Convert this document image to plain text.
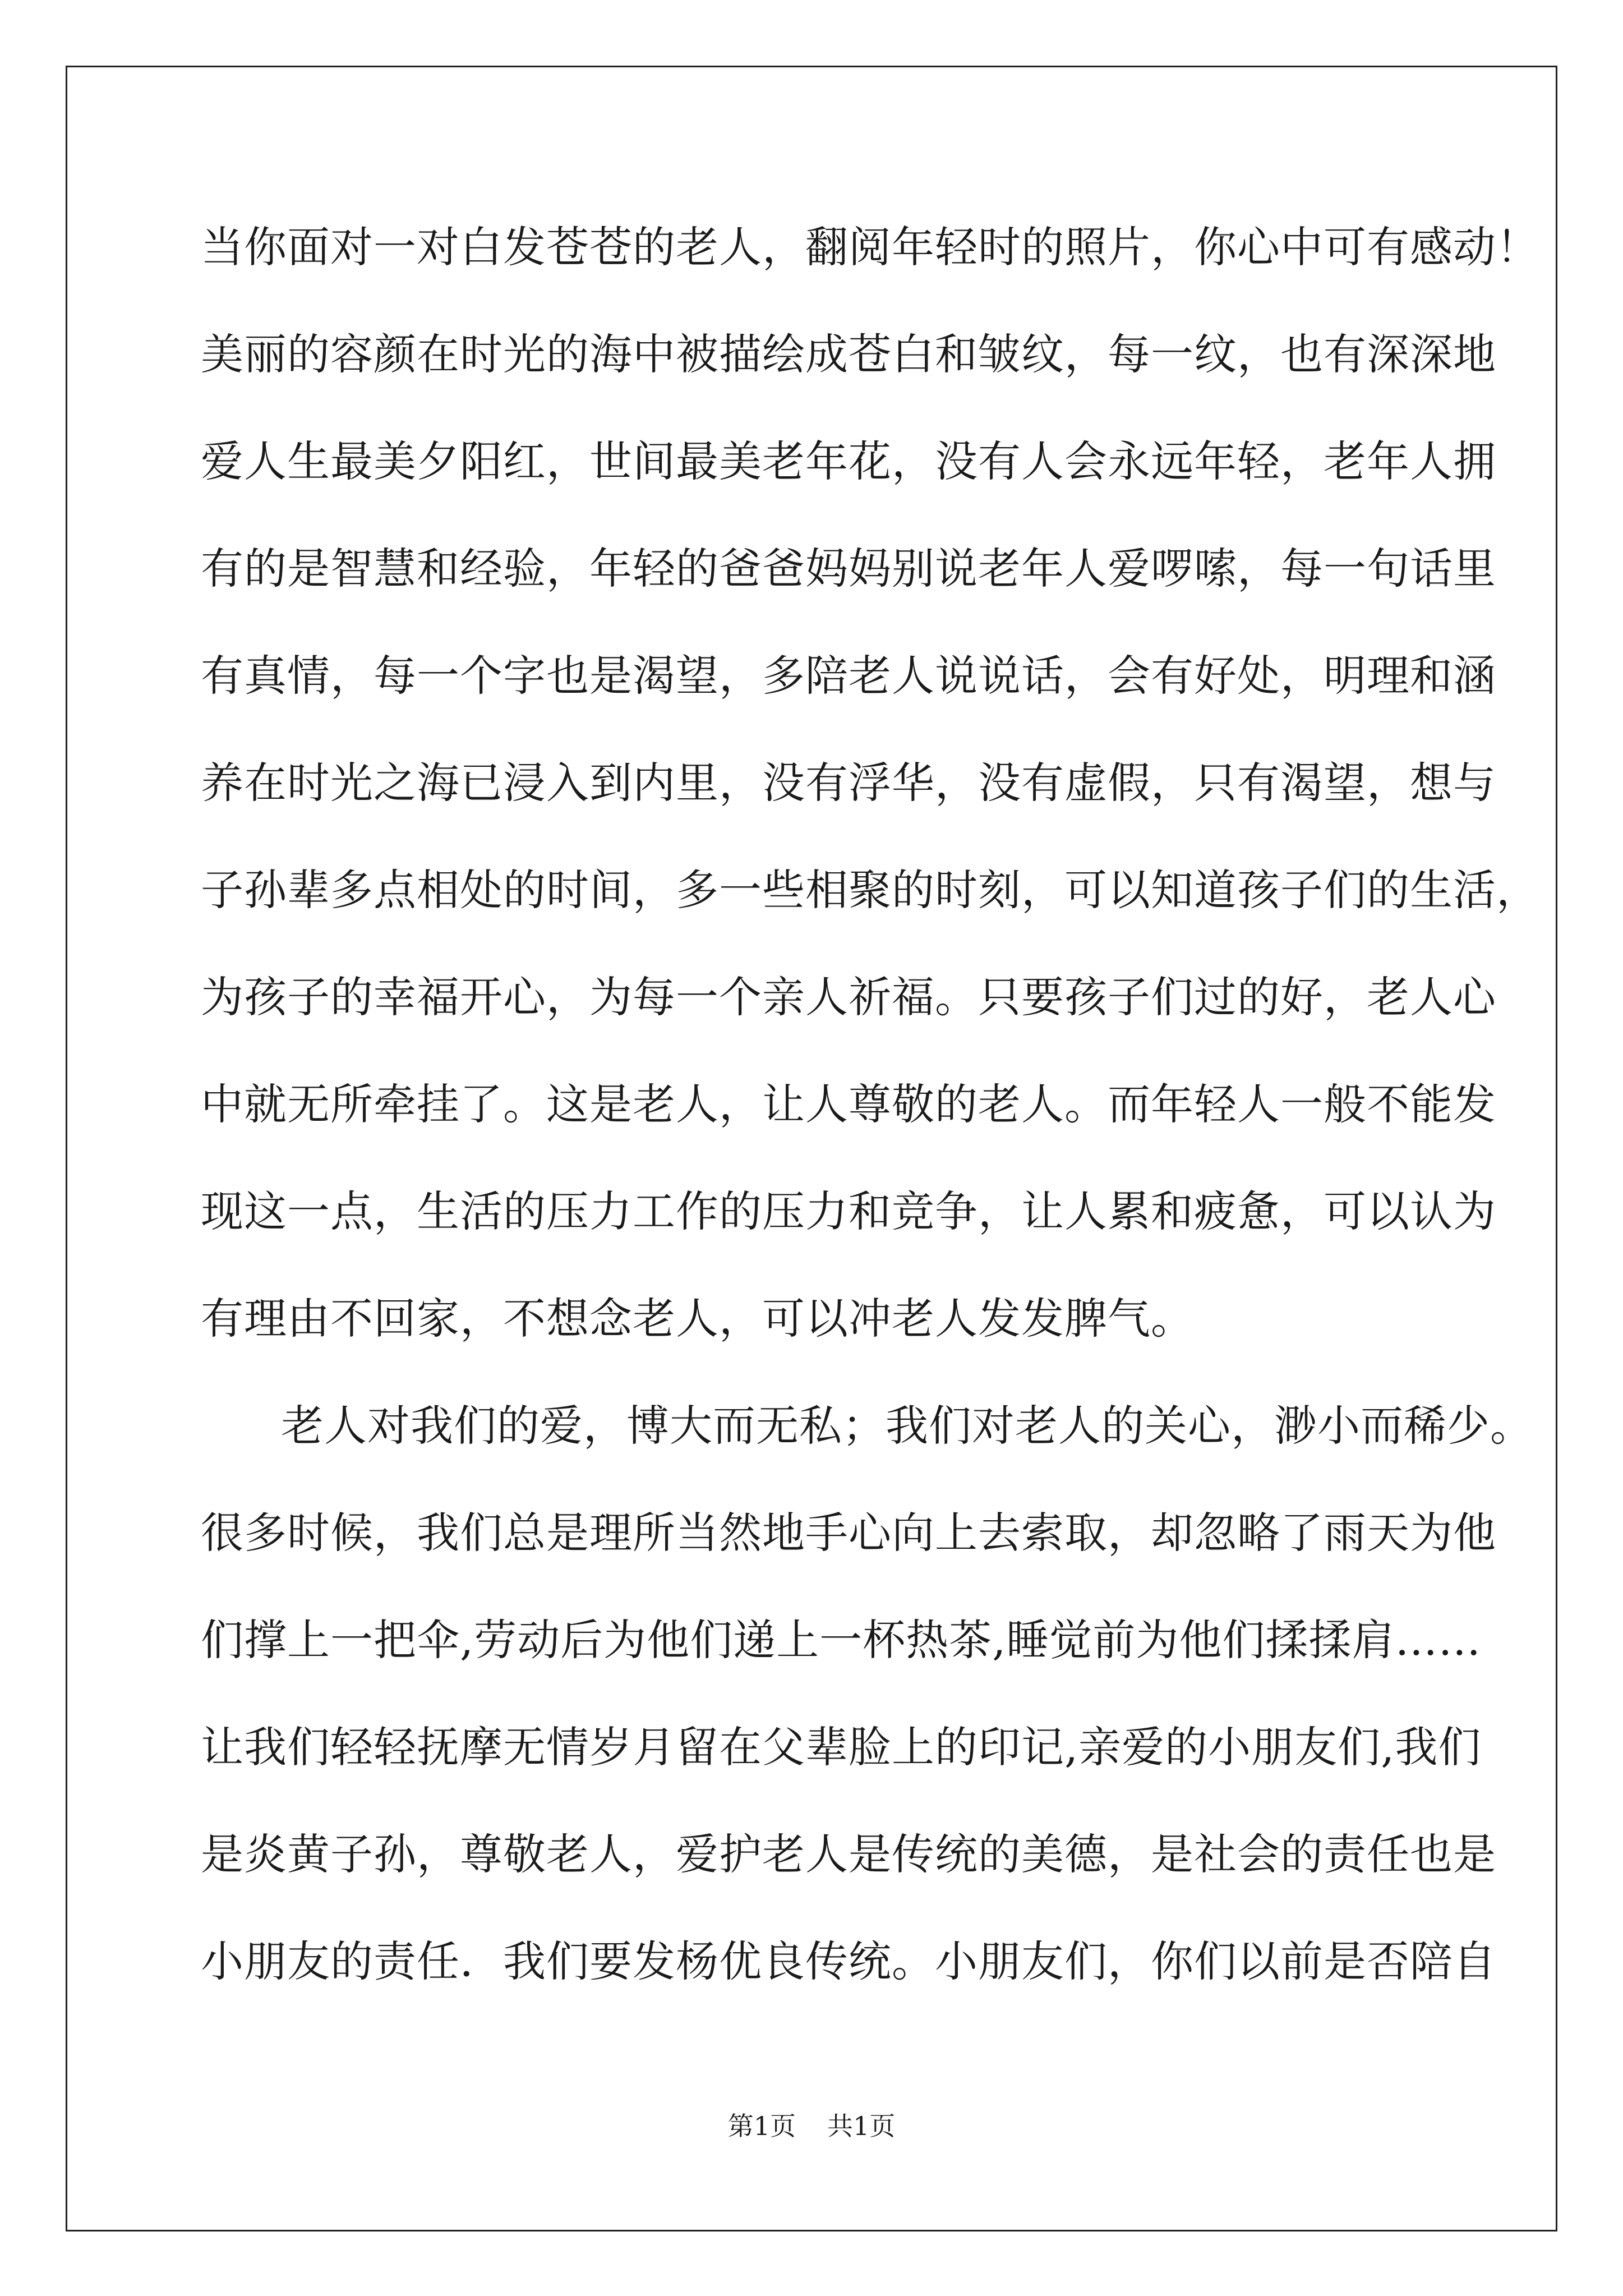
当你面对一对白发苍苍的老人，翻阅年轻时的照片，你心中可有感动！
美丽的容颜在时光的海中被描绘成苍白和皱纹，每一纹，也有深深地
爱人生最美夕阳红，世间最美老年花，没有人会永远年轻，老年人拥
有的是智慧和经验，年轻的爸爸妈妈别说老年人爱啰嗦，每一句话里
有真情，每一个字也是渴望，多陪老人说说话，会有好处，明理和涵
养在时光之海已浸入到内里，没有浮华，没有虚假，只有渴望，想与
子孙辈多点相处的时间，多一些相聚的时刻，可以知道孩子们的生活，
为孩子的幸福开心，为每一个亲人祈福。只要孩子们过的好，老人心
中就无所牵挂了。这是老人，让人尊敬的老人。而年轻人一般不能发
现这一点，生活的压力工作的压力和竞争，让人累和疲惫，可以认为
有理由不回家，不想念老人，可以冲老人发发脾气。
老人对我们的爱，博大而无私；我们对老人的关心，渺小而稀少。
很多时候，我们总是理所当然地手心向上去索取，却忽略了雨天为他
们撑上一把伞,劳动后为他们递上一杯热茶,睡觉前为他们揉揉肩……
让我们轻轻抚摩无情岁月留在父辈脸上的印记,亲爱的小朋友们,我们
是炎黄子孙，尊敬老人，爱护老人是传统的美德，是社会的责任也是
小朋友的责任．我们要发杨优良传统。小朋友们，你们以前是否陪自
第1页 共1页
